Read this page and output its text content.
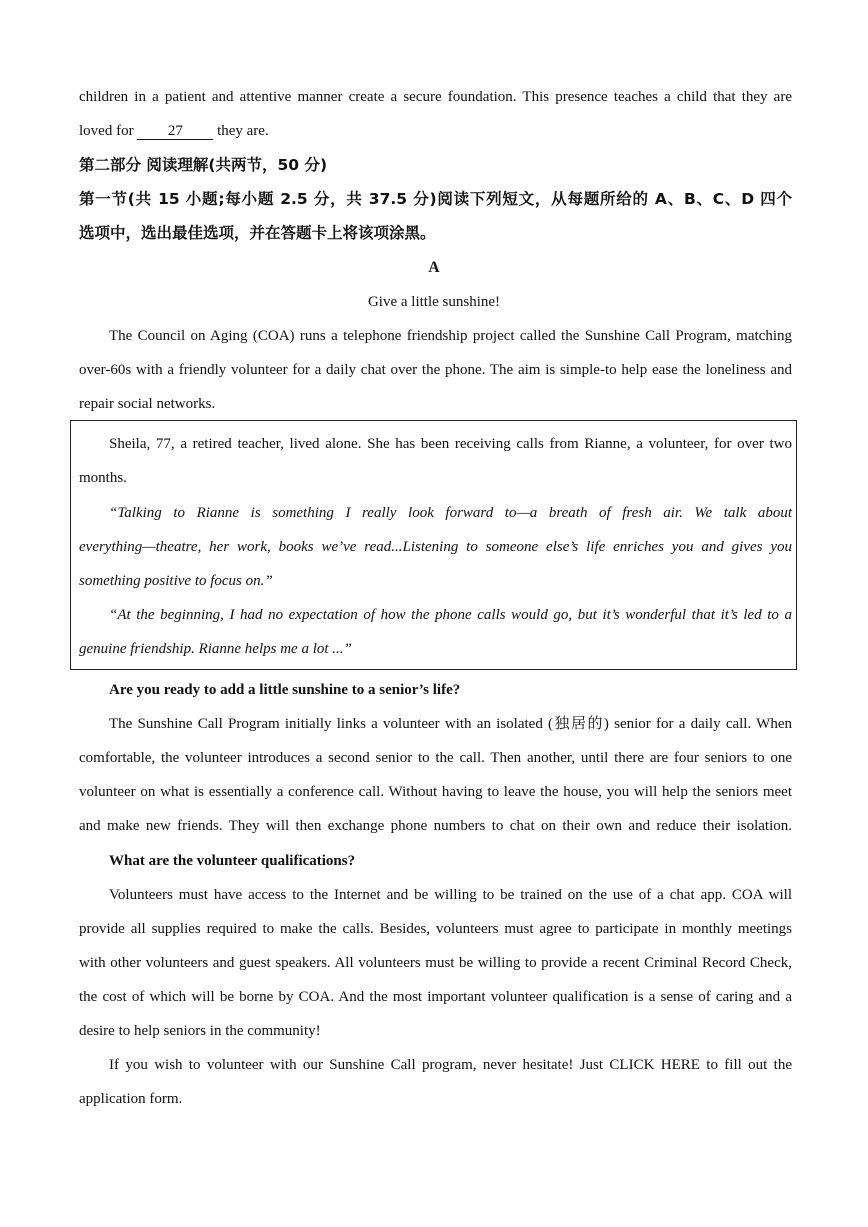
children in a patient and attentive manner create a secure foundation. This presence teaches a child that they are
loved for 27 they are.
第二部分 阅读理解(共两节，50 分)
第一节(共 15 小题;每小题 2.5 分，共 37.5 分)阅读下列短文，从每题所给的 A、B、C、D 四个
选项中，选出最佳选项，并在答题卡上将该项涂黑。
A
Give a little sunshine!
The Council on Aging (COA) runs a telephone friendship project called the Sunshine Call Program, matching
over-60s with a friendly volunteer for a daily chat over the phone. The aim is simple-to help ease the loneliness and
repair social networks.
Sheila, 77, a retired teacher, lived alone. She has been receiving calls from Rianne, a volunteer, for over two
months.
“Talking to Rianne is something I really look forward to—a breath of fresh air. We talk about
everything—theatre, her work, books we’ve read...Listening to someone else’s life enriches you and gives you
something positive to focus on.”
“At the beginning, I had no expectation of how the phone calls would go, but it’s wonderful that it’s led to a
genuine friendship. Rianne helps me a lot ...”
Are you ready to add a little sunshine to a senior’s life?
The Sunshine Call Program initially links a volunteer with an isolated (独居的) senior for a daily call. When
comfortable, the volunteer introduces a second senior to the call. Then another, until there are four seniors to one
volunteer on what is essentially a conference call. Without having to leave the house, you will help the seniors meet
and make new friends. They will then exchange phone numbers to chat on their own and reduce their isolation.
What are the volunteer qualifications?
Volunteers must have access to the Internet and be willing to be trained on the use of a chat app. COA will
provide all supplies required to make the calls. Besides, volunteers must agree to participate in monthly meetings
with other volunteers and guest speakers. All volunteers must be willing to provide a recent Criminal Record Check,
the cost of which will be borne by COA. And the most important volunteer qualification is a sense of caring and a
desire to help seniors in the community!
If you wish to volunteer with our Sunshine Call program, never hesitate! Just CLICK HERE to fill out the
application form.
